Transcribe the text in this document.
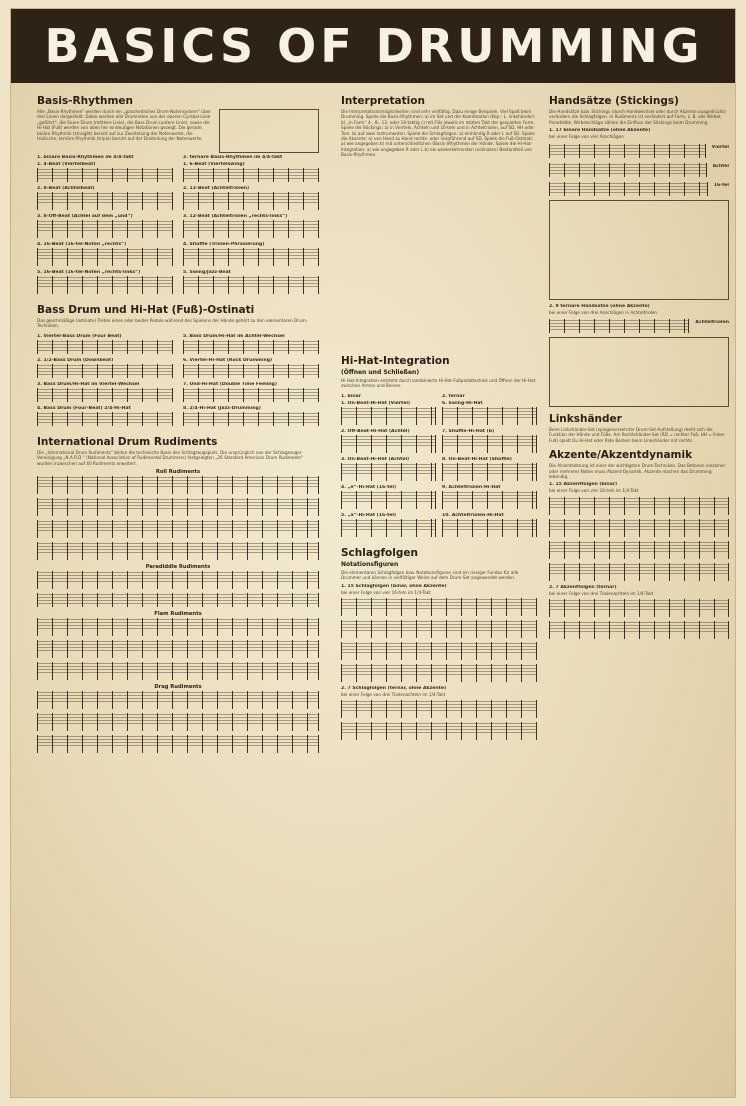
BASICS OF DRUMMING
Basis-Rhythmen
Alle „Basis-Rhythmen“ werden durch ein „ganzheitliches Drum-Notensystem“ über drei Linien dargestellt. Dabei werden alle Drumnoten von der oberen Cymbal-Linie „geführt“, die Snare Drum (mittlere Linie), die Bass Drum (untere Linie), sowie die Hi-Hat (Fuß) werden von oben her eindeutigen Notationen gezeigt. Die gerade, binäre Rhythmik (straight) beruht auf zur Zweiteilung der Notenwerte, die triolische, ternäre Rhythmik (triple) beruht auf der Dreiteilung der Notenwerte.
1. binäre Basis-Rhythmen im 4/4-Takt
1. 4-Beat (Viertelbeat)
2. 8-Beat (Achtelbeat)
3. 8-Off-Beat (Achtel auf dem „und“)
4. 16-Beat (16-tel-Noten „rechts“)
5. 16-Beat (16-tel-Noten „rechts-links“)
2. ternäre Basis-Rhythmen im 4/4-Takt
1. 6-Beat (Viertelswing)
2. 12-Beat (Achteltriolen)
3. 12-Beat (Achteltriolen „rechts-links“)
4. Shuffle (Triolen-Phrasierung)
5. Swing/Jazz-Beat
Bass Drum und Hi-Hat (Fuß)-Ostinati
Das gleichmäßige (ostinate) Treten eines oder beider Pedale während des Spielens der Hände gehört zu den elementaren Drum-Techniken.
1. Viertel-Bass Drum (Four Beat)
2. 1/2-Bass Drum (Downbeat)
3. Bass Drum/Hi-Hat im Viertel-Wechsel
4. Bass Drum (Four-Beat) 2/4-Hi-Hat
5. Bass Drum/Hi-Hat im Achtel-Wechsel
6. Viertel-Hi-Hat (Rock Drumming)
7. Und-Hi-Hat (Double Time Feeling)
8. 2/4-Hi-Hat (Jazz-Drumming)
International Drum Rudiments
Die „International Drum Rudiments“ bilden die technische Basis des Schlagzeugspiels. Die ursprünglich von der Schlagzeuger-Vereinigung „N.A.R.D.“ (National Association of Rudimental Drummers) festgelegten „26 Standard American Drum Rudiments“ wurden inzwischen auf 40 Rudiments erweitert.
Roll Rudiments
Paradiddle Rudiments
Flam Rudiments
Drag Rudiments
Interpretation
Die Interpretationsmöglichkeiten sind sehr vielfältig. Dazu einige Beispiele. Viel Spaß beim Drumming. Spiele die Basis-Rhythmen: a) im Set und der Koordination (Bsp.: L. linkshänder) b) „in Form“ 4-, 8-, 12- oder 16-taktig c) mit Fills jeweils im letzten Takt der gespielten Form. Spiele die Stickings: a) in Vierteln, Achteln und 16-teln und in Achteltriolen, auf SD, HH oder Tom. b) auf zwei Instrumenten. Spiele die Schlagfolgen: a) einhändig R oder L auf SD. Spiele die Akzente: a) von Hand zu Hand rechts- oder linksführend auf SD. Spiele die Fuß-Ostinati: a) wie angegeben b) mit unterschiedlichen (Basis-)Rhythmen der Hände. Spiele die Hi-Hat-Integration: a) wie angegeben R oder L b) als wiederkehrenden (ostinaten) Bestandteil von Basis-Rhythmen.
Hi-Hat-Integration
(Öffnen und Schließen)
Hi-Hat-Integration entsteht durch kombinierte Hi-Hat-Fußpedaltechnik und Öffnen der Hi-Hat zwischen Armen und Beinen.
1. binär
1. On-Beat-Hi-Hat (Viertel)
2. Off-Beat-Hi-Hat (Achtel)
3. On-Beat-Hi-Hat (Achtel)
4. „e“-Hi-Hat (16-tel)
5. „a“-Hi-Hat (16-tel)
2. ternär
6. Swing-Hi-Hat
7. Shuffle-Hi-Hat (b)
8. On-Beat-Hi-Hat (Shuffle)
9. Achteltriolen-Hi-Hat
10. Achteltriolen-Hi-Hat
Schlagfolgen
Notationsfiguren
Die elementaren Schlagfolgen bzw. Notationsfiguren sind ein riesiger Fundus für alle Drummer und können in vielfältiger Weise auf dem Drum-Set angewendet werden.
1. 15 Schlagfolgen (binär, ohne Akzente)
bei einer Folge von vier 16-teln im 1/4-Takt
2. 7 Schlagfolgen (ternär, ohne Akzente)
bei einer Folge von drei Triolenachteln im 1/4-Takt
Handsätze (Stickings)
Die Handsätze bzw. Stickings (durch Handwechsel oder durch Akzente ausgedrückt) verändern die Schlagfolgen. In Rudiments ist verändert auf Form, z. B. alle Wirbel, Paradiddle, Wirbelschläge zählen die Einfluss der Stickings beim Drumming.
1. 17 binäre Handsätze (ohne Akzente)
bei einer Folge von vier Anschlägen
Viertel
Achtel
16-tel
2. 9 ternäre Handsätze (ohne Akzente)
bei einer Folge von drei Anschlägen in Achteltriolen
Achteltriolen
Linkshänder
Beim Linkshänder-Set (spiegelverkehrter Drum-Set-Aufstellung) dreht sich die Funktion der Hände und Füße. Am Rechtshänder-Set (RD = rechter Fuß, HH = linker Fuß) spielt Du Hi-Hat oder Ride Becken beim Linkshänder mit rechts.
Akzente/Akzentdynamik
Die Akzentsetzung ist einer der wichtigsten Drum-Techniken. Das Betonen einzelner oder mehrerer Noten muss Akzent-Dynamik. Akzente machen das Drumming lebendig.
1. 15 Akzentfolgen (binär)
bei einer Folge von vier 16-teln im 1/4-Takt
2. 7 Akzentfolgen (ternär)
bei einer Folge von drei Triolenachteln im 1/4-Takt
